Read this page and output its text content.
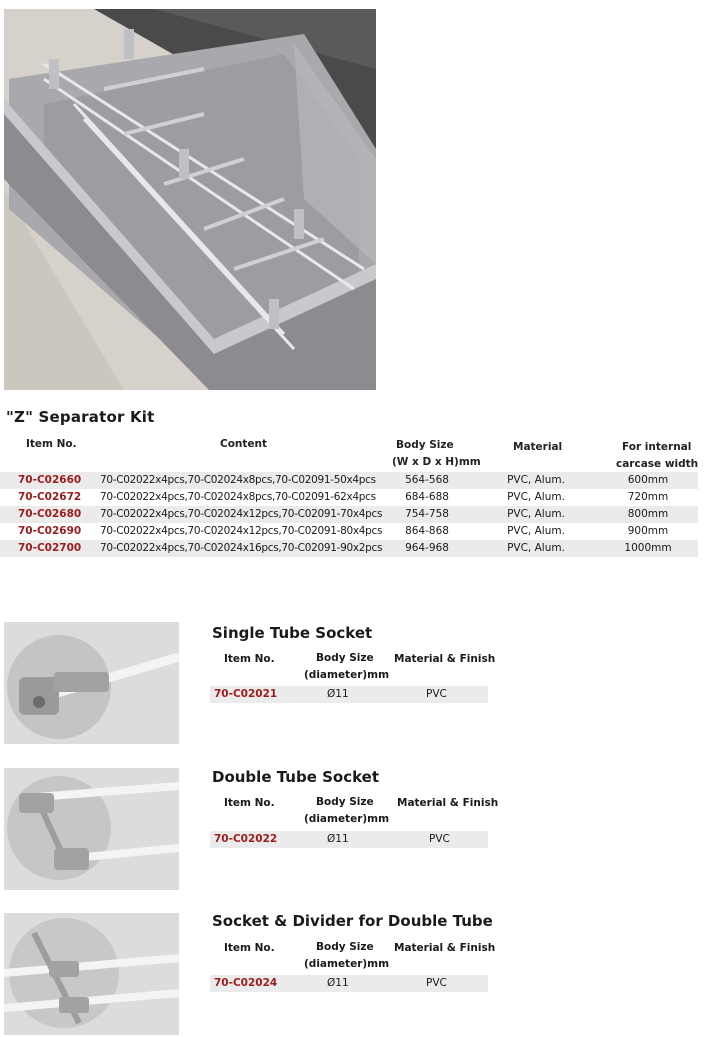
"Z" Separator Kit
Item No.	Content	Body Size
(W x D x H)mm
Material	For internal
carcase width
70-C02660 70-C02022x4pcs,70-C02024x8pcs,70-C02091-50x4pcs	564-568	PVC, Alum.	600mm
70-C02672 70-C02022x4pcs,70-C02024x8pcs,70-C02091-62x4pcs	684-688	PVC, Alum.	720mm
70-C02680 70-C02022x4pcs,70-C02024x12pcs,70-C02091-70x4pcs	754-758	PVC, Alum.	800mm
70-C02690 70-C02022x4pcs,70-C02024x12pcs,70-C02091-80x4pcs	864-868	PVC, Alum.	900mm
70-C02700 70-C02022x4pcs,70-C02024x16pcs,70-C02091-90x2pcs	964-968	PVC, Alum.	1000mm
Single Tube Socket
Item No.	Body Size
(diameter)mm
Material & Finish
70-C02021	Ø11	PVC
Double Tube Socket
Item No.	Body Size
(diameter)mm
Material & Finish
70-C02022	Ø11	PVC
Socket & Divider for Double Tube
Item No.	Body Size
(diameter)mm
Material & Finish
70-C02024	Ø11	PVC
